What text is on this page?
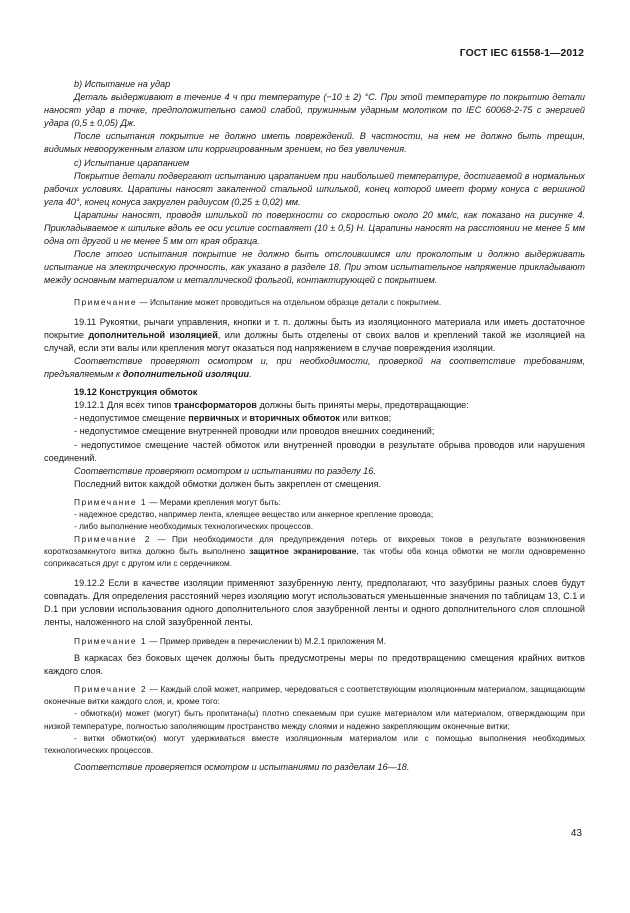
ГОСТ IEC 61558-1—2012

b) Испытание на удар

Деталь выдерживают в течение 4 ч при температуре (−10 ± 2) °C. При этой температуре по покрытию детали наносят удар в точке, предположительно самой слабой, пружинным ударным молотком по IEC 60068-2-75 с энергией удара (0,5 ± 0,05) Дж.

После испытания покрытие не должно иметь повреждений. В частности, на нем не должно быть трещин, видимых невооруженным глазом или корригированным зрением, но без увеличения.

c) Испытание царапанием

Покрытие детали подвергают испытанию царапанием при наибольшей температуре, достигаемой в нормальных рабочих условиях. Царапины наносят закаленной стальной шпилькой, конец которой имеет форму конуса с вершиной угла 40°, конец конуса закруглен радиусом (0,25 ± 0,02) мм.

Царапины наносят, проводя шпилькой по поверхности со скоростью около 20 мм/с, как показано на рисунке 4. Прикладываемое к шпильке вдоль ее оси усилие составляет (10 ± 0,5) Н. Царапины наносят на расстоянии не менее 5 мм одна от другой и не менее 5 мм от края образца.

После этого испытания покрытие не должно быть отслоившимся или проколотым и должно выдерживать испытание на электрическую прочность, как указано в разделе 18. При этом испытательное напряжение прикладывают между основным материалом и металлической фольгой, контактирующей с покрытием.

Примечание — Испытание может проводиться на отдельном образце детали с покрытием.

19.11 Рукоятки, рычаги управления, кнопки и т. п. должны быть из изоляционного материала или иметь достаточное покрытие дополнительной изоляцией, или должны быть отделены от своих валов и креплений такой же изоляцией на случай, если эти валы или крепления могут оказаться под напряжением в случае повреждения изоляции.

Соответствие проверяют осмотром и, при необходимости, проверкой на соответствие требованиям, предъявляемым к дополнительной изоляции.

19.12 Конструкция обмоток

19.12.1 Для всех типов трансформаторов должны быть приняты меры, предотвращающие:

- недопустимое смещение первичных и вторичных обмоток или витков;

- недопустимое смещение внутренней проводки или проводов внешних соединений;

- недопустимое смещение частей обмоток или внутренней проводки в результате обрыва проводов или нарушения соединений.

Соответствие проверяют осмотром и испытаниями по разделу 16.

Последний виток каждой обмотки должен быть закреплен от смещения.

Примечание 1 — Мерами крепления могут быть:

- надежное средство, например лента, клеящее вещество или анкерное крепление провода;

- либо выполнение необходимых технологических процессов.

Примечание 2 — При необходимости для предупреждения потерь от вихревых токов в результате возникновения короткозамкнутого витка должно быть выполнено защитное экранирование, так чтобы оба конца обмотки не могли одновременно соприкасаться друг с другом или с сердечником.

19.12.2 Если в качестве изоляции применяют зазубренную ленту, предполагают, что зазубрины разных слоев будут совпадать. Для определения расстояний через изоляцию могут использоваться уменьшенные значения по таблицам 13, C.1 и D.1 при условии использования одного дополнительного слоя зазубренной ленты и одного дополнительного слоя сплошной ленты, наложенного на слой зазубренной ленты.

Примечание 1 — Пример приведен в перечислении b) M.2.1 приложения M.

В каркасах без боковых щечек должны быть предусмотрены меры по предотвращению смещения крайних витков каждого слоя.

Примечание 2 — Каждый слой может, например, чередоваться с соответствующим изоляционным материалом, защищающим оконечные витки каждого слоя, и, кроме того:

- обмотка(и) может (могут) быть пропитана(ы) плотно спекаемым при сушке материалом или материалом, отверждающим при низкой температуре, полностью заполняющим пространство между слоями и надежно закрепляющим оконечные витки;

- витки обмотки(ок) могут удерживаться вместе изоляционным материалом или с помощью выполнения необходимых технологических процессов.

Соответствие проверяется осмотром и испытаниями по разделам 16—18.

43
